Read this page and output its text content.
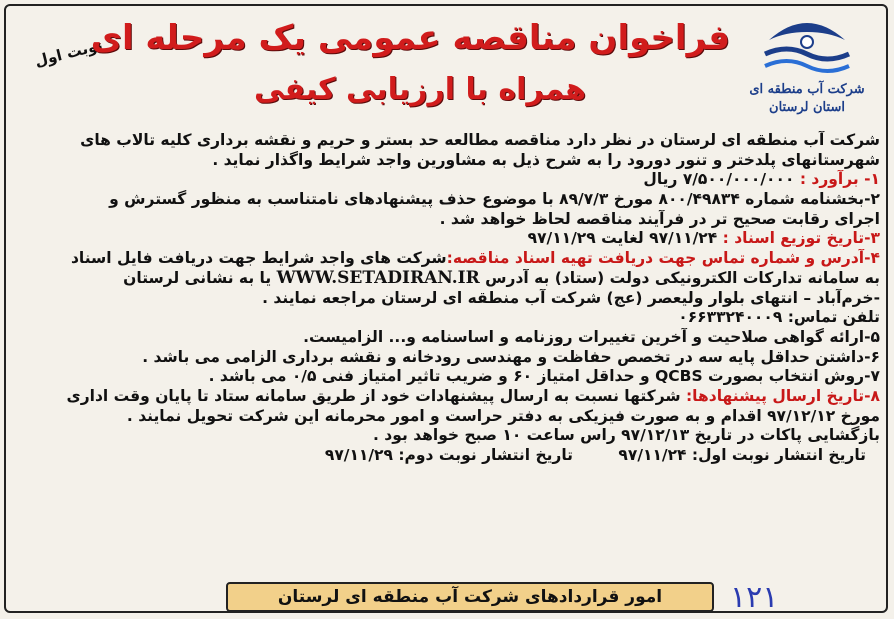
شرکت آب منطقه ای
استان لرستان
نوبت اول
فراخوان مناقصه عمومی یک مرحله ای
همراه با ارزیابی کیفی
شرکت آب منطقه ای لرستان در نظر دارد مناقصه مطالعه حد بستر و حریم و نقشه برداری کلیه تالاب های
شهرستانهای پلدختر و تنور دورود را به شرح ذیل به مشاورین واجد شرایط واگذار نماید .
۱- برآورد : ۷/۵۰۰/۰۰۰/۰۰۰ ریال
۲-بخشنامه شماره ۸۰۰/۴۹۸۳۴ مورخ ۸۹/۷/۳ با موضوع حذف پیشنهادهای نامتناسب به منظور گسترش و
اجرای رقابت صحیح تر در فرآیند مناقصه لحاظ خواهد شد .
۳-تاریخ توزیع اسناد : ۹۷/۱۱/۲۴ لغایت ۹۷/۱۱/۲۹
۴-آدرس و شماره تماس جهت دریافت تهیه اسناد مناقصه:شرکت های واجد شرایط جهت دریافت فایل اسناد
به سامانه تدارکات الکترونیکی دولت (ستاد) به آدرس WWW.SETADIRAN.IR یا به نشانی لرستان
-خرم‌آباد – انتهای بلوار ولیعصر (عج) شرکت آب منطقه ای لرستان مراجعه نمایند .
تلفن تماس: ۰۶۶۳۳۲۴۰۰۰۹
۵-ارائه گواهی صلاحیت و آخرین تغییرات روزنامه و اساسنامه و... الزامیست.
۶-داشتن حداقل پایه سه در تخصص حفاظت و مهندسی رودخانه و نقشه برداری الزامی می باشد .
۷-روش انتخاب بصورت QCBS و حداقل امتیاز ۶۰ و ضریب تاثیر امتیاز فنی ۰/۵ می باشد .
۸-تاریخ ارسال پیشنهادها: شرکتها نسبت به ارسال پیشنهادات خود از طریق سامانه ستاد تا پایان وقت اداری
مورخ ۹۷/۱۲/۱۲ اقدام و به صورت فیزیکی به دفتر حراست و امور محرمانه این شرکت تحویل نمایند .
بازگشایی پاکات در تاریخ ۹۷/۱۲/۱۳ راس ساعت ۱۰ صبح خواهد بود .
تاریخ انتشار نوبت اول: ۹۷/۱۱/۲۴ تاریخ انتشار نوبت دوم: ۹۷/۱۱/۲۹
۱۲۱
امور قراردادهای شرکت آب منطقه ای لرستان
